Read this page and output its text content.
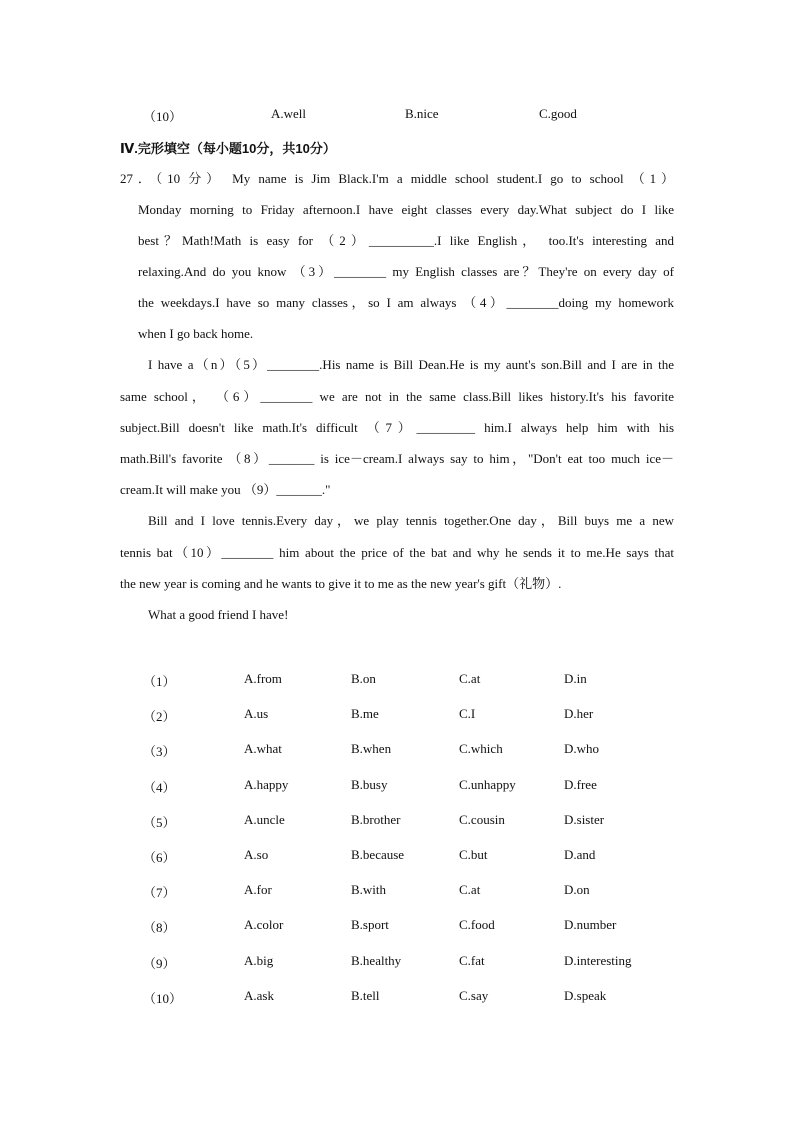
（10）	A.well	B.nice	C.good
Ⅳ.完形填空（每小题10分，共10分）
27．（10 分） My name is Jim Black.I'm a middle school student.I go to school （1）
Monday morning to Friday afternoon.I have eight classes every day.What subject do I like
best？Math!Math is easy for （2）__________.I like English， too.It's interesting and
relaxing.And do you know （3）________ my English classes are？They're on every day of
the weekdays.I have so many classes，so I am always （4）________doing my homework
when I go back home.
I have a（n）（5）________.His name is Bill Dean.He is my aunt's son.Bill and I are in the
same school， （6）________ we are not in the same class.Bill likes history.It's his favorite
subject.Bill doesn't like math.It's difficult （7）_________ him.I always help him with his
math.Bill's favorite （8）_______ is ice－cream.I always say to him，"Don't eat too much ice－
cream.It will make you （9）_______."
Bill and I love tennis.Every day，we play tennis together.One day，Bill buys me a new
tennis bat（10）________ him about the price of the bat and why he sends it to me.He says that
the new year is coming and he wants to give it to me as the new year's gift（礼物）.
What a good friend I have!
（1）	A.from	B.on	C.at	D.in
（2）	A.us	B.me	C.I	D.her
（3）	A.what	B.when	C.which	D.who
（4）	A.happy	B.busy	C.unhappy	D.free
（5）	A.uncle	B.brother	C.cousin	D.sister
（6）	A.so	B.because	C.but	D.and
（7）	A.for	B.with	C.at	D.on
（8）	A.color	B.sport	C.food	D.number
（9）	A.big	B.healthy	C.fat	D.interesting
（10）	A.ask	B.tell	C.say	D.speak
